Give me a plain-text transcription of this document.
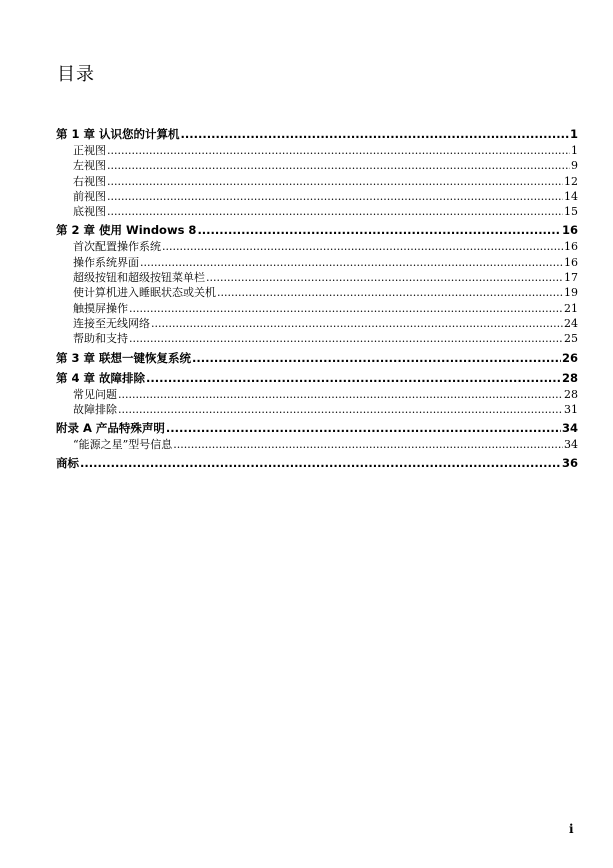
目录
第 1 章 认识您的计算机 .....	1
正视图 .....	1
左视图 .....	9
右视图 .....	12
前视图 .....	14
底视图 .....	15
第 2 章 使用 Windows 8 .....	16
首次配置操作系统 .....	16
操作系统界面 .....	16
超级按钮和超级按钮菜单栏 .....	17
使计算机进入睡眠状态或关机 .....	19
触摸屏操作 .....	21
连接至无线网络 .....	24
帮助和支持 .....	25
第 3 章 联想一键恢复系统 .....	26
第 4 章 故障排除 .....	28
常见问题 .....	28
故障排除 .....	31
附录 A 产品特殊声明 .....	34
“能源之星”型号信息 .....	34
商标 .....	36
i
